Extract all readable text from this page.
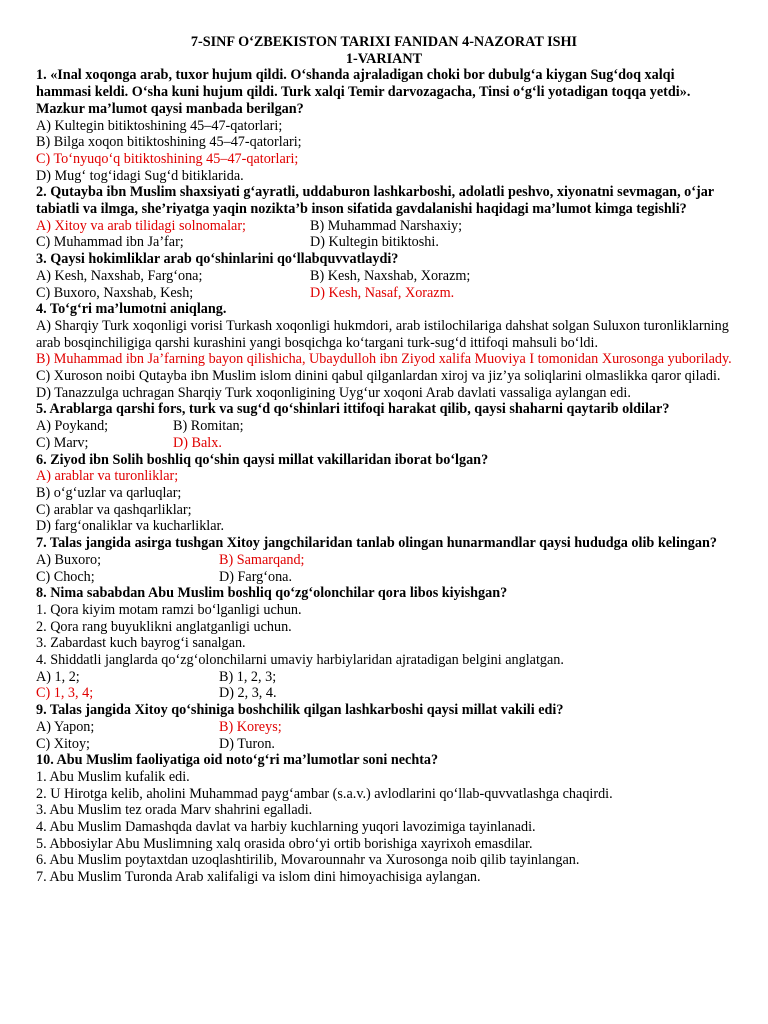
7-SINF O‘ZBEKISTON TARIXI FANIDAN 4-NAZORAT ISHI
1-VARIANT
1. «Inal xoqonga arab, tuxor hujum qildi. O‘shanda ajraladigan choki bor dubulg‘a kiygan Sug‘doq xalqi hammasi keldi. O‘sha kuni hujum qildi. Turk xalqi Temir darvozagacha, Tinsi o‘g‘li yotadigan toqqa yetdi». Mazkur ma’lumot qaysi manbada berilgan?
A) Kultegin bitiktoshining 45–47-qatorlari;
B) Bilga xoqon bitiktoshining 45–47-qatorlari;
C) To‘nyuqo‘q bitiktoshining 45–47-qatorlari;
D) Mug‘ tog‘idagi Sug‘d bitiklarida.
2. Qutayba ibn Muslim shaxsiyati g‘ayratli, uddaburon lashkarboshi, adolatli peshvo, xiyonatni sevmagan, o‘jar tabiatli va ilmga, she’riyatga yaqin nozikta’b inson sifatida gavdalanishi haqidagi ma’lumot kimga tegishli?
A) Xitoy va arab tilidagi solnomalar;	B) Muhammad Narshaxiy;
C) Muhammad ibn Ja’far;	D) Kultegin bitiktoshi.
3. Qaysi hokimliklar arab qo‘shinlarini qo‘llabquvvatlaydi?
A) Kesh, Naxshab, Farg‘ona;	B) Kesh, Naxshab, Xorazm;
C) Buxoro, Naxshab, Kesh;	D) Kesh, Nasaf, Xorazm.
4. To‘g‘ri ma’lumotni aniqlang.
A) Sharqiy Turk xoqonligi vorisi Turkash xoqonligi hukmdori, arab istilochilariga dahshat solgan Suluxon turonliklarning arab bosqinchiligiga qarshi kurashini yangi bosqichga ko‘targani turk-sug‘d ittifoqi mahsuli bo‘ldi.
B) Muhammad ibn Ja’farning bayon qilishicha, Ubaydulloh ibn Ziyod xalifa Muoviya I tomonidan Xurosonga yuborilady.
C) Xuroson noibi Qutayba ibn Muslim islom dinini qabul qilganlardan xiroj va jiz’ya soliqlarini olmaslikka qaror qiladi.
D) Tanazzulga uchragan Sharqiy Turk xoqonligining Uyg‘ur xoqoni Arab davlati vassaliga aylangan edi.
5. Arablarga qarshi fors, turk va sug‘d qo‘shinlari ittifoqi harakat qilib, qaysi shaharni qaytarib oldilar?
A) Poykand;	B) Romitan;
C) Marv;	D) Balx.
6. Ziyod ibn Solih boshliq qo‘shin qaysi millat vakillaridan iborat bo‘lgan?
A) arablar va turonliklar;
B) o‘g‘uzlar va qarluqlar;
C) arablar va qashqarliklar;
D) farg‘onaliklar va kucharliklar.
7. Talas jangida asirga tushgan Xitoy jangchilaridan tanlab olingan hunarmandlar qaysi hududga olib kelingan?
A) Buxoro;	B) Samarqand;
C) Choch;	D) Farg‘ona.
8. Nima sababdan Abu Muslim boshliq qo‘zg‘olonchilar qora libos kiyishgan?
1. Qora kiyim motam ramzi bo‘lganligi uchun.
2. Qora rang buyuklikni anglatganligi uchun.
3. Zabardast kuch bayrog‘i sanalgan.
4. Shiddatli janglarda qo‘zg‘olonchilarni umaviy harbiylaridan ajratadigan belgini anglatgan.
A) 1, 2;	B) 1, 2, 3;
C) 1, 3, 4;	D) 2, 3, 4.
9. Talas jangida Xitoy qo‘shiniga boshchilik qilgan lashkarboshi qaysi millat vakili edi?
A) Yapon;	B) Koreys;
C) Xitoy;	D) Turon.
10. Abu Muslim faoliyatiga oid noto‘g‘ri ma’lumotlar soni nechta?
1. Abu Muslim kufalik edi.
2. U Hirotga kelib, aholini Muhammad payg‘ambar (s.a.v.) avlodlarini qo‘llab-quvvatlashga chaqirdi.
3. Abu Muslim tez orada Marv shahrini egalladi.
4. Abu Muslim Damashqda davlat va harbiy kuchlarning yuqori lavozimiga tayinlanadi.
5. Abbosiylar Abu Muslimning xalq orasida obro‘yi ortib borishiga xayrixoh emasdilar.
6. Abu Muslim poytaxtdan uzoqlashtirilib, Movarounnahr va Xurosonga noib qilib tayinlangan.
7. Abu Muslim Turonda Arab xalifaligi va islom dini himoyachisiga aylangan.
